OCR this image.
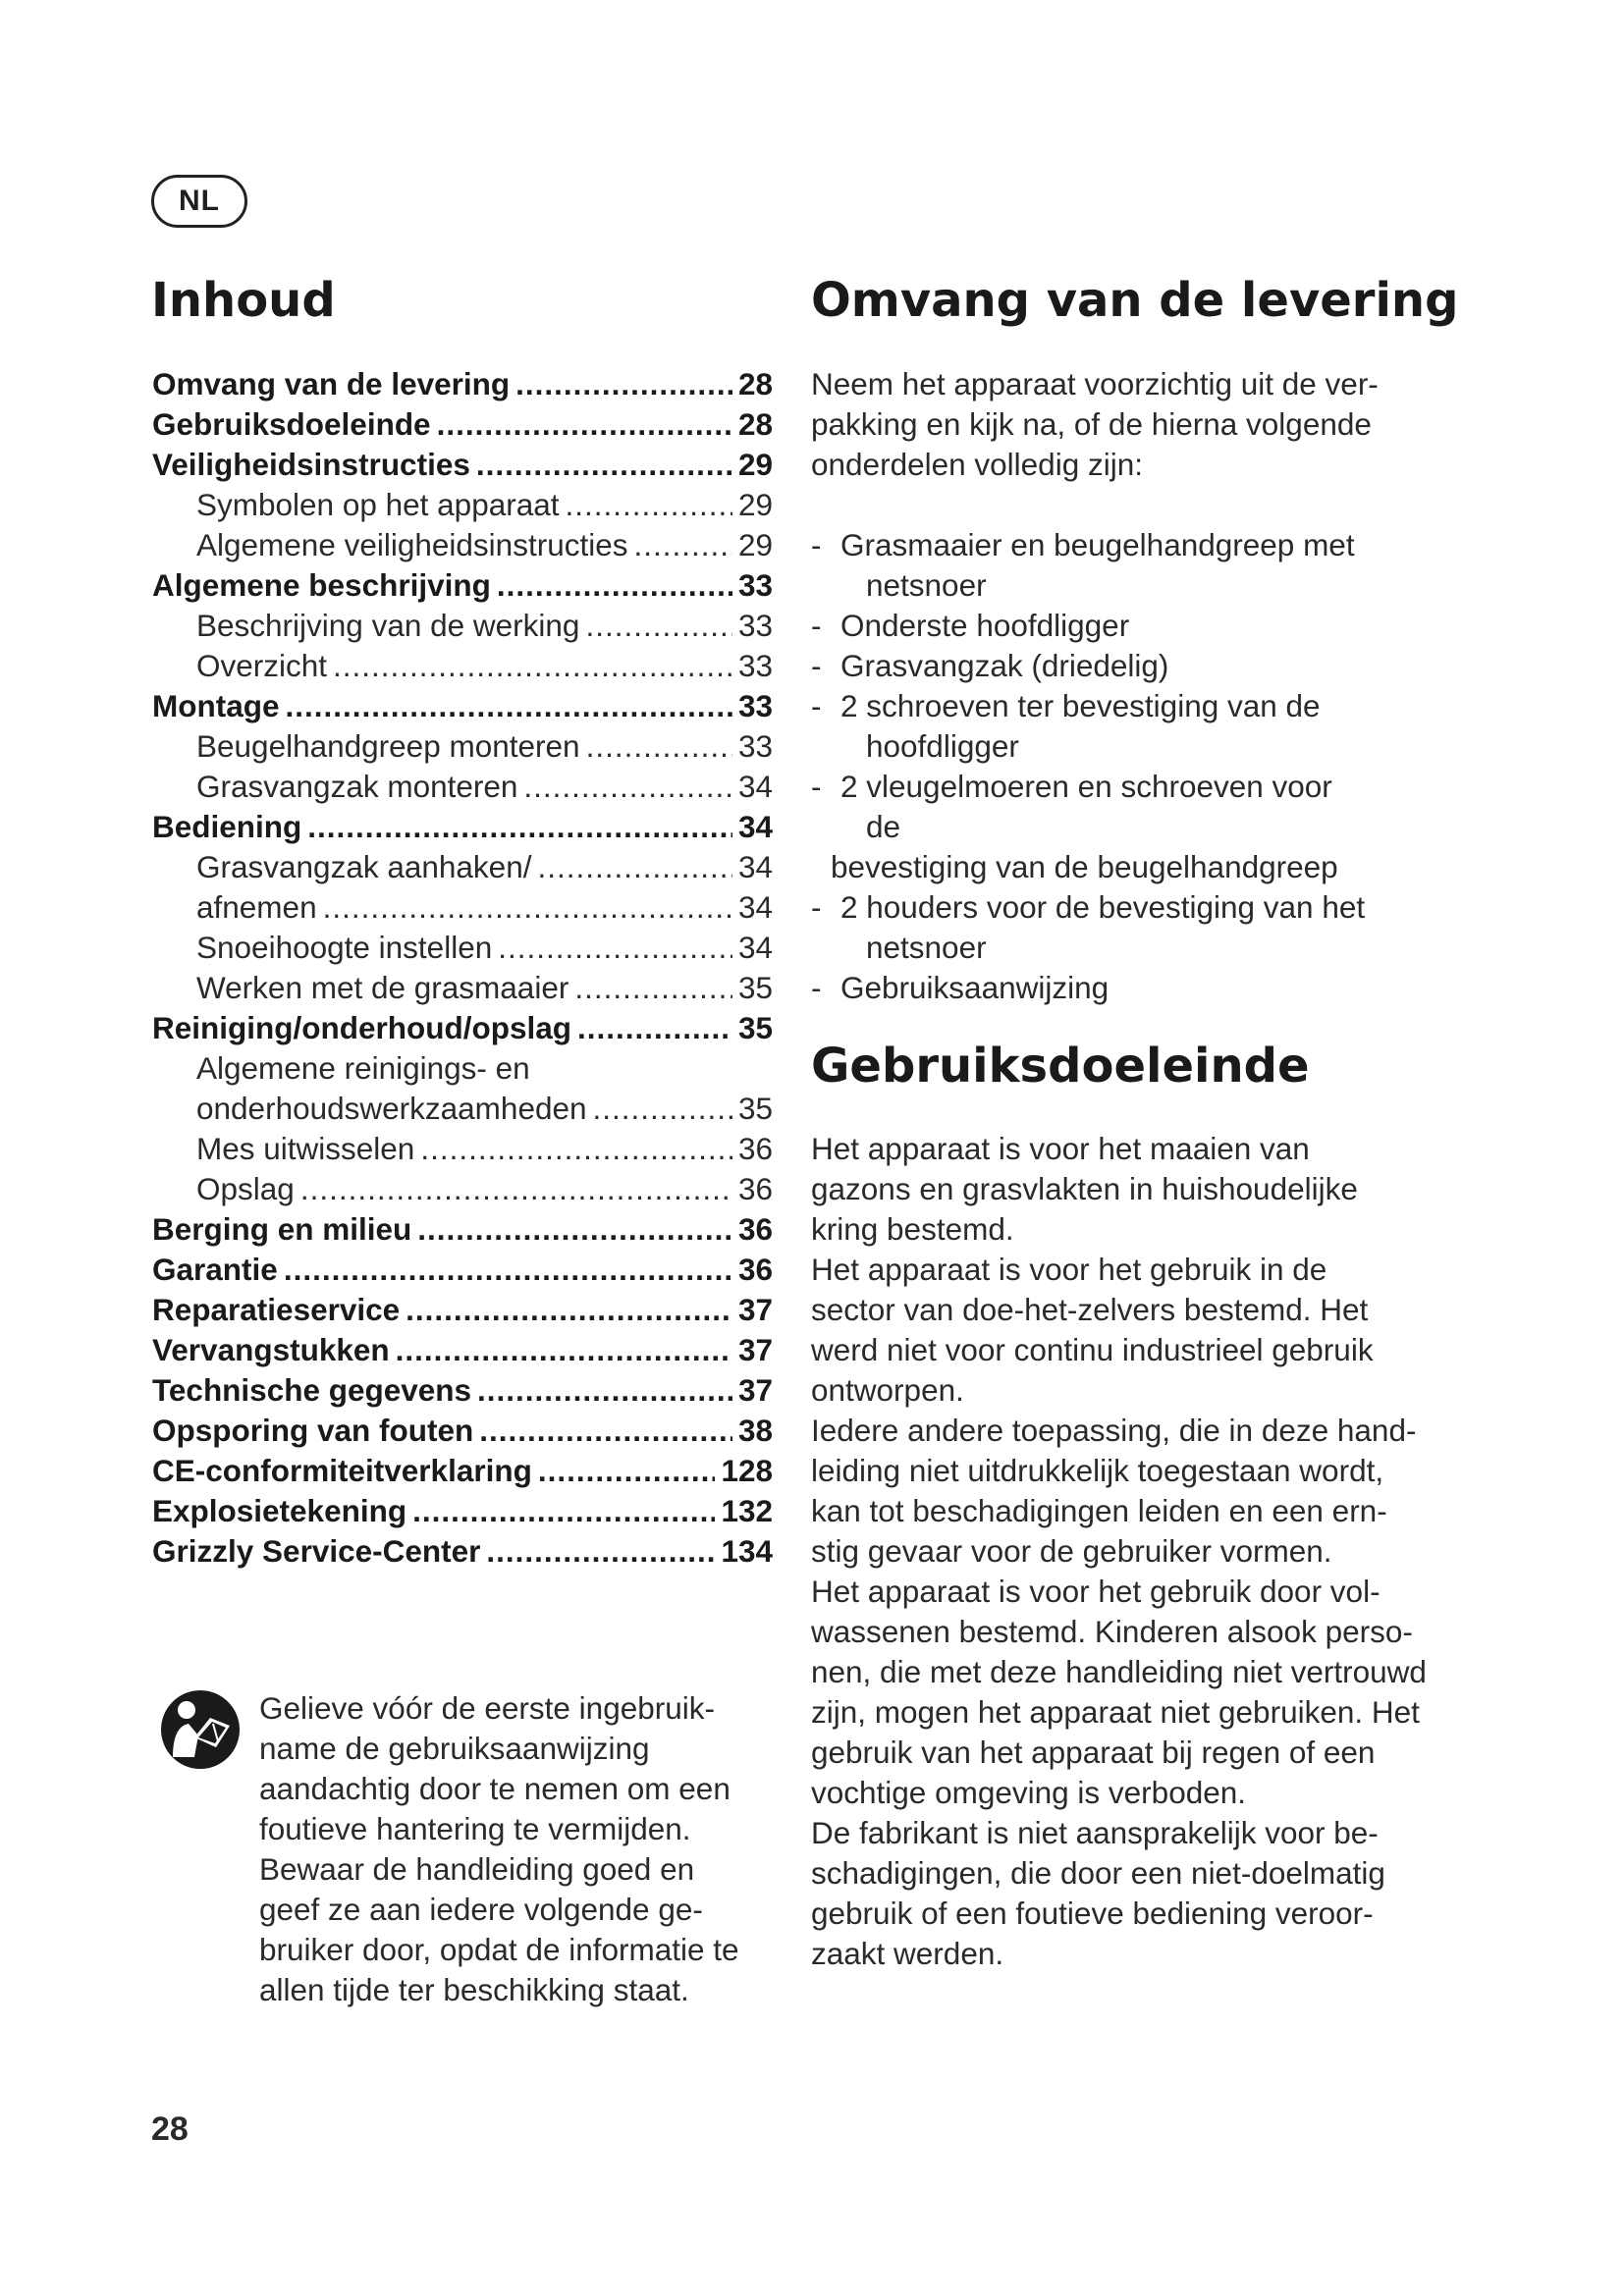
NL
Inhoud
Omvang van de levering .....	28
Gebruiksdoeleinde .....	28
Veiligheidsinstructies .....	29
Symbolen op het apparaat .....	29
Algemene veiligheidsinstructies .....	29
Algemene beschrijving .....	33
Beschrijving van de werking .....	33
Overzicht .....	33
Montage .....	33
Beugelhandgreep monteren .....	33
Grasvangzak monteren .....	34
Bediening .....	34
Grasvangzak aanhaken/ .....	34
afnemen .....	34
Snoeihoogte instellen .....	34
Werken met de grasmaaier .....	35
Reiniging/onderhoud/opslag .....	35
Algemene reinigings- en
onderhoudswerkzaamheden .....	35
Mes uitwisselen .....	36
Opslag .....	36
Berging en milieu .....	36
Garantie .....	36
Reparatieservice .....	37
Vervangstukken .....	37
Technische gegevens .....	37
Opsporing van fouten .....	38
CE-conformiteitverklaring .....	128
Explosietekening .....	132
Grizzly Service-Center .....	134
Gelieve vóór de eerste ingebruik-
name de gebruiksaanwijzing
aandachtig door te nemen om een
foutieve hantering te vermijden.
Bewaar de handleiding goed en
geef ze aan iedere volgende ge-
bruiker door, opdat de informatie te
allen tijde ter beschikking staat.
28
Omvang van de levering
Neem het apparaat voorzichtig uit de ver-
pakking en kijk na, of de hierna volgende
onderdelen volledig zijn:
- Grasmaaier en beugelhandgreep met
netsnoer
- Onderste hoofdligger
- Grasvangzak (driedelig)
- 2 schroeven ter bevestiging van de
hoofdligger
- 2 vleugelmoeren en schroeven voor
de
bevestiging van de beugelhandgreep
- 2 houders voor de bevestiging van het
netsnoer
- Gebruiksaanwijzing
Gebruiksdoeleinde
Het apparaat is voor het maaien van
gazons en grasvlakten in huishoudelijke
kring bestemd.
Het apparaat is voor het gebruik in de
sector van doe-het-zelvers bestemd. Het
werd niet voor continu industrieel gebruik
ontworpen.
Iedere andere toepassing, die in deze hand-
leiding niet uitdrukkelijk toegestaan wordt,
kan tot beschadigingen leiden en een ern-
stig gevaar voor de gebruiker vormen.
Het apparaat is voor het gebruik door vol-
wassenen bestemd. Kinderen alsook perso-
nen, die met deze handleiding niet vertrouwd
zijn, mogen het apparaat niet gebruiken. Het
gebruik van het apparaat bij regen of een
vochtige omgeving is verboden.
De fabrikant is niet aansprakelijk voor be-
schadigingen, die door een niet-doelmatig
gebruik of een foutieve bediening veroor-
zaakt werden.
